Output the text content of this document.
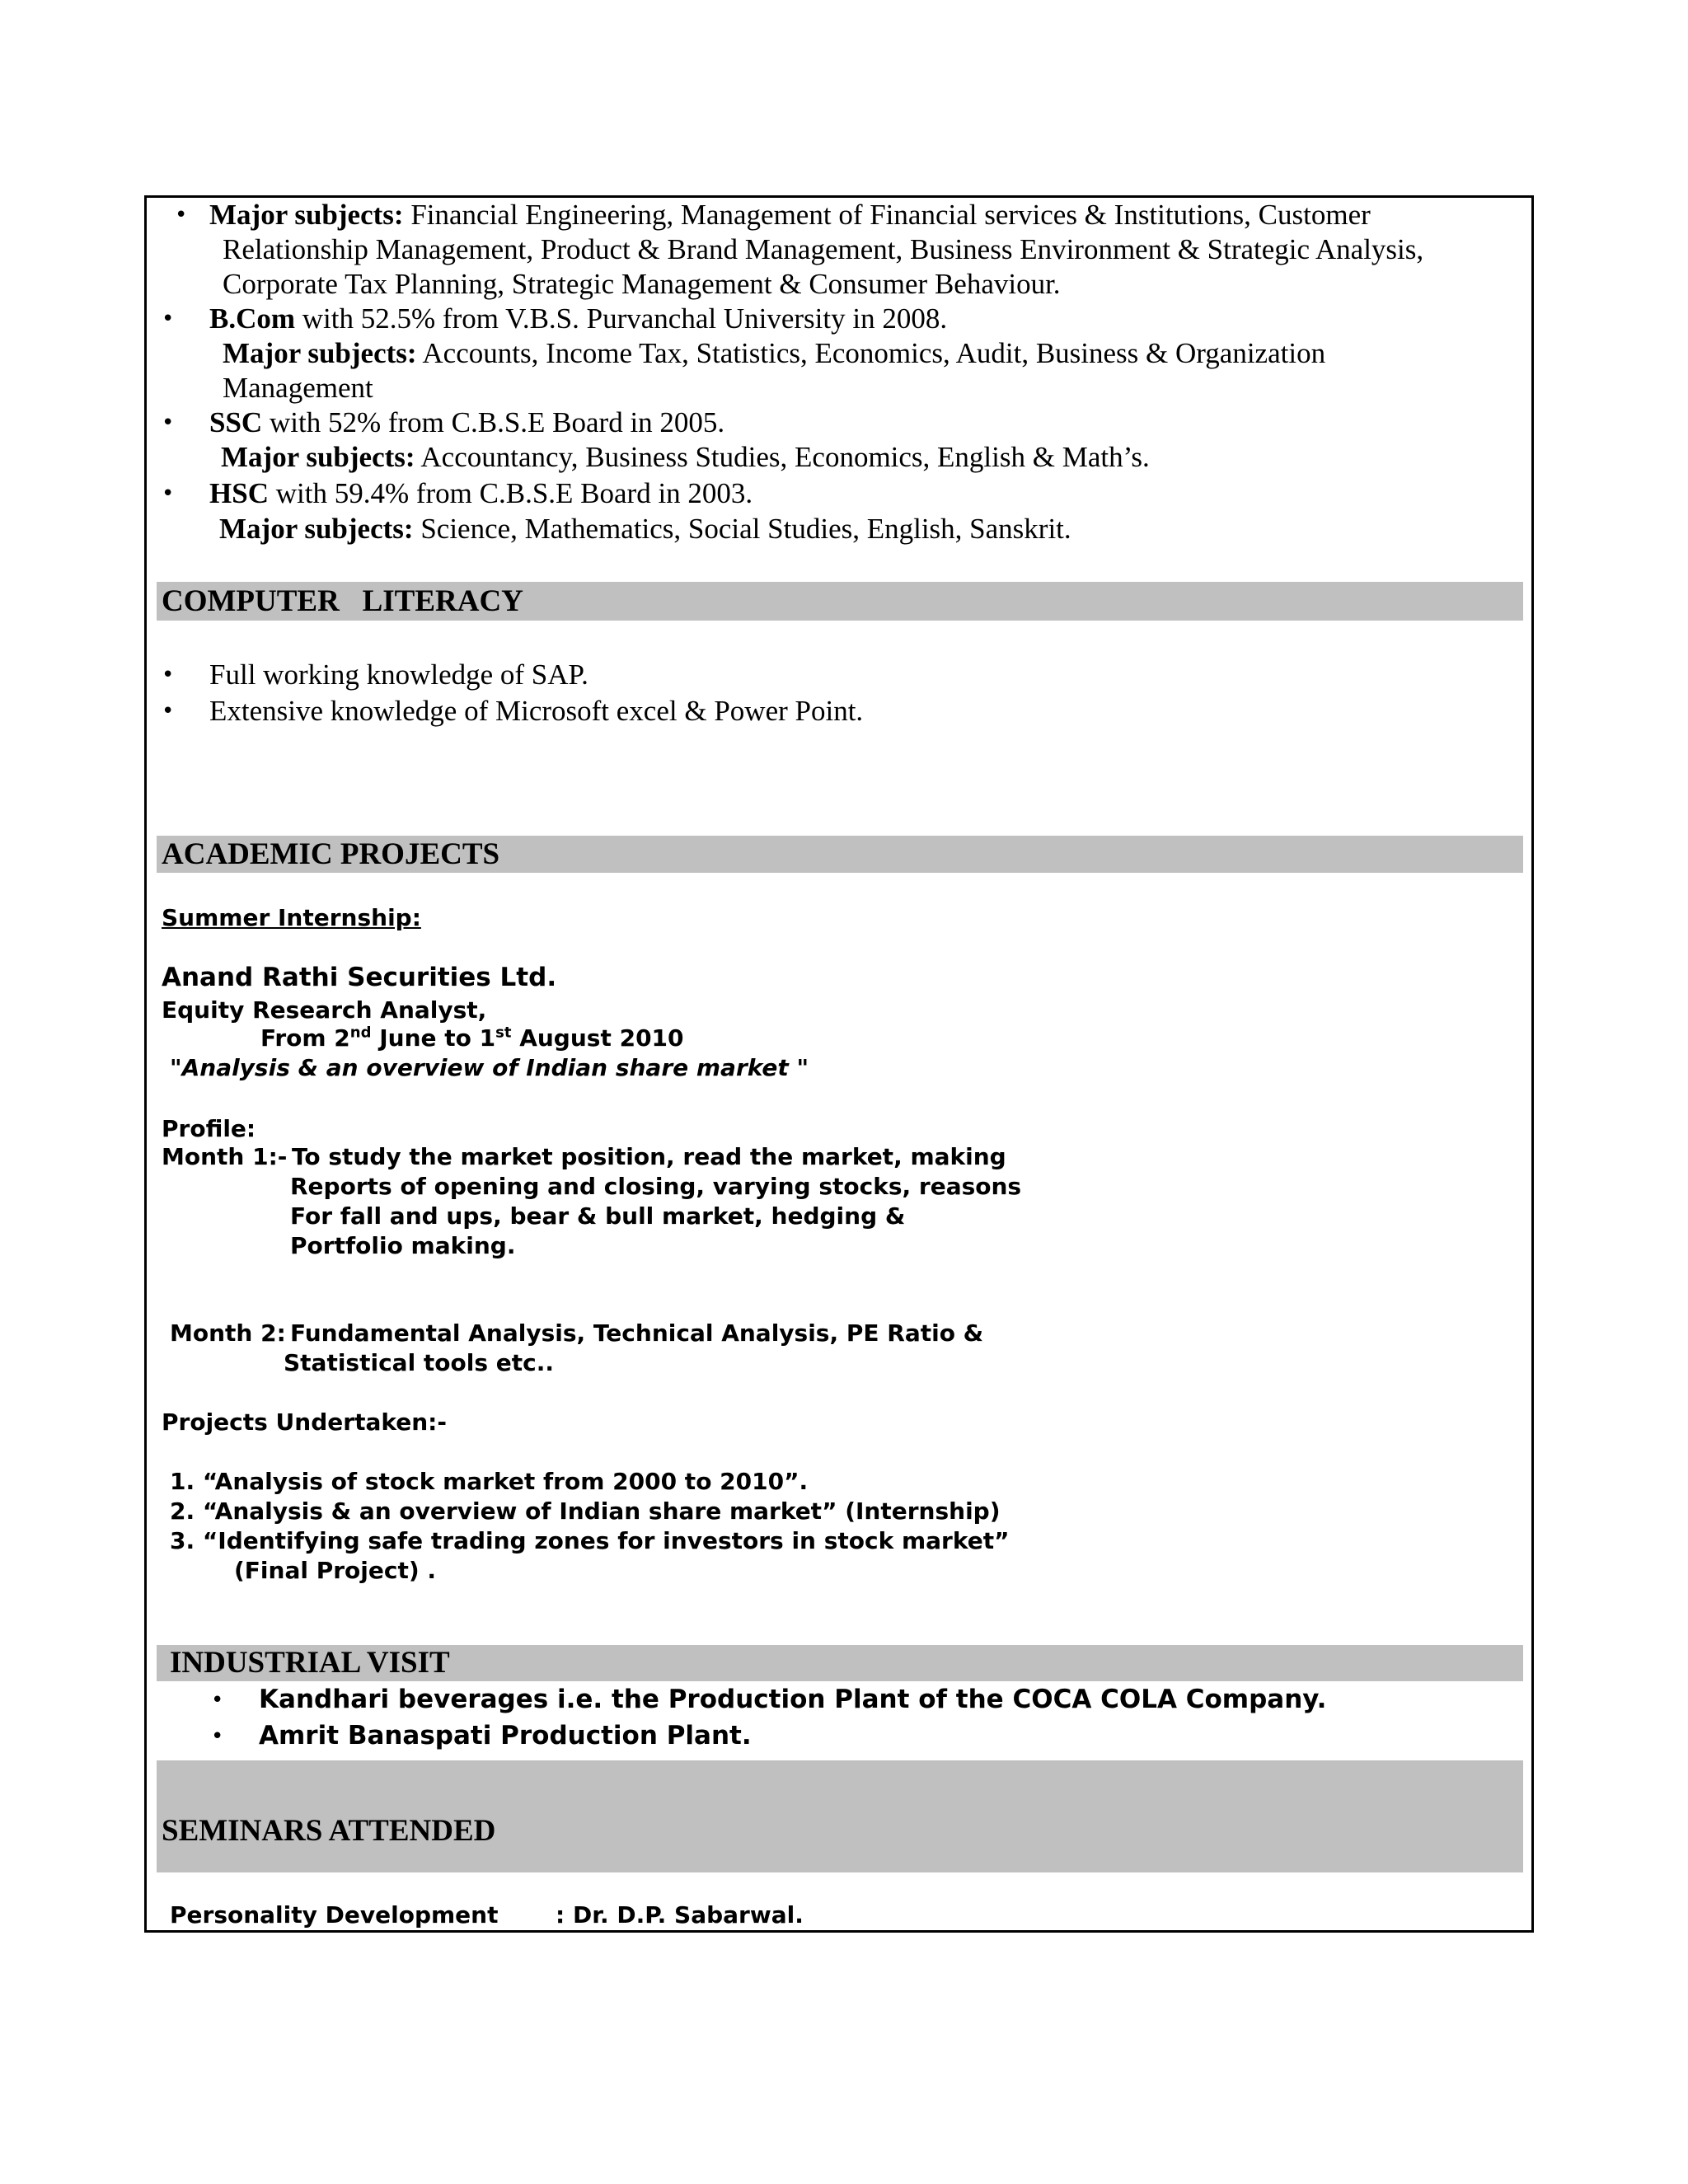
• Major subjects: Financial Engineering, Management of Financial services & Institutions, Customer
Relationship Management, Product & Brand Management, Business Environment & Strategic Analysis,
Corporate Tax Planning, Strategic Management & Consumer Behaviour.
• B.Com with 52.5% from V.B.S. Purvanchal University in 2008.
Major subjects: Accounts, Income Tax, Statistics, Economics, Audit, Business & Organization
Management
• SSC with 52% from C.B.S.E Board in 2005.
Major subjects: Accountancy, Business Studies, Economics, English & Math’s.
• HSC with 59.4% from C.B.S.E Board in 2003.
Major subjects: Science, Mathematics, Social Studies, English, Sanskrit.
COMPUTER   LITERACY
• Full working knowledge of SAP.
• Extensive knowledge of Microsoft excel & Power Point.
ACADEMIC PROJECTS
Summer Internship:
Anand Rathi Securities Ltd.
Equity Research Analyst,
From 2nd June to 1st August 2010
"Analysis & an overview of Indian share market "
Profile:
Month 1:- To study the market position, read the market, making
Reports of opening and closing, varying stocks, reasons
For fall and ups, bear & bull market, hedging &
Portfolio making.
Month 2: Fundamental Analysis, Technical Analysis, PE Ratio &
Statistical tools etc..
Projects Undertaken:-
1. “Analysis of stock market from 2000 to 2010”.
2. “Analysis & an overview of Indian share market” (Internship)
3. “Identifying safe trading zones for investors in stock market”
(Final Project) .
INDUSTRIAL VISIT
• Kandhari beverages i.e. the Production Plant of the COCA COLA Company.
• Amrit Banaspati Production Plant.
SEMINARS ATTENDED
Personality Development : Dr. D.P. Sabarwal.
